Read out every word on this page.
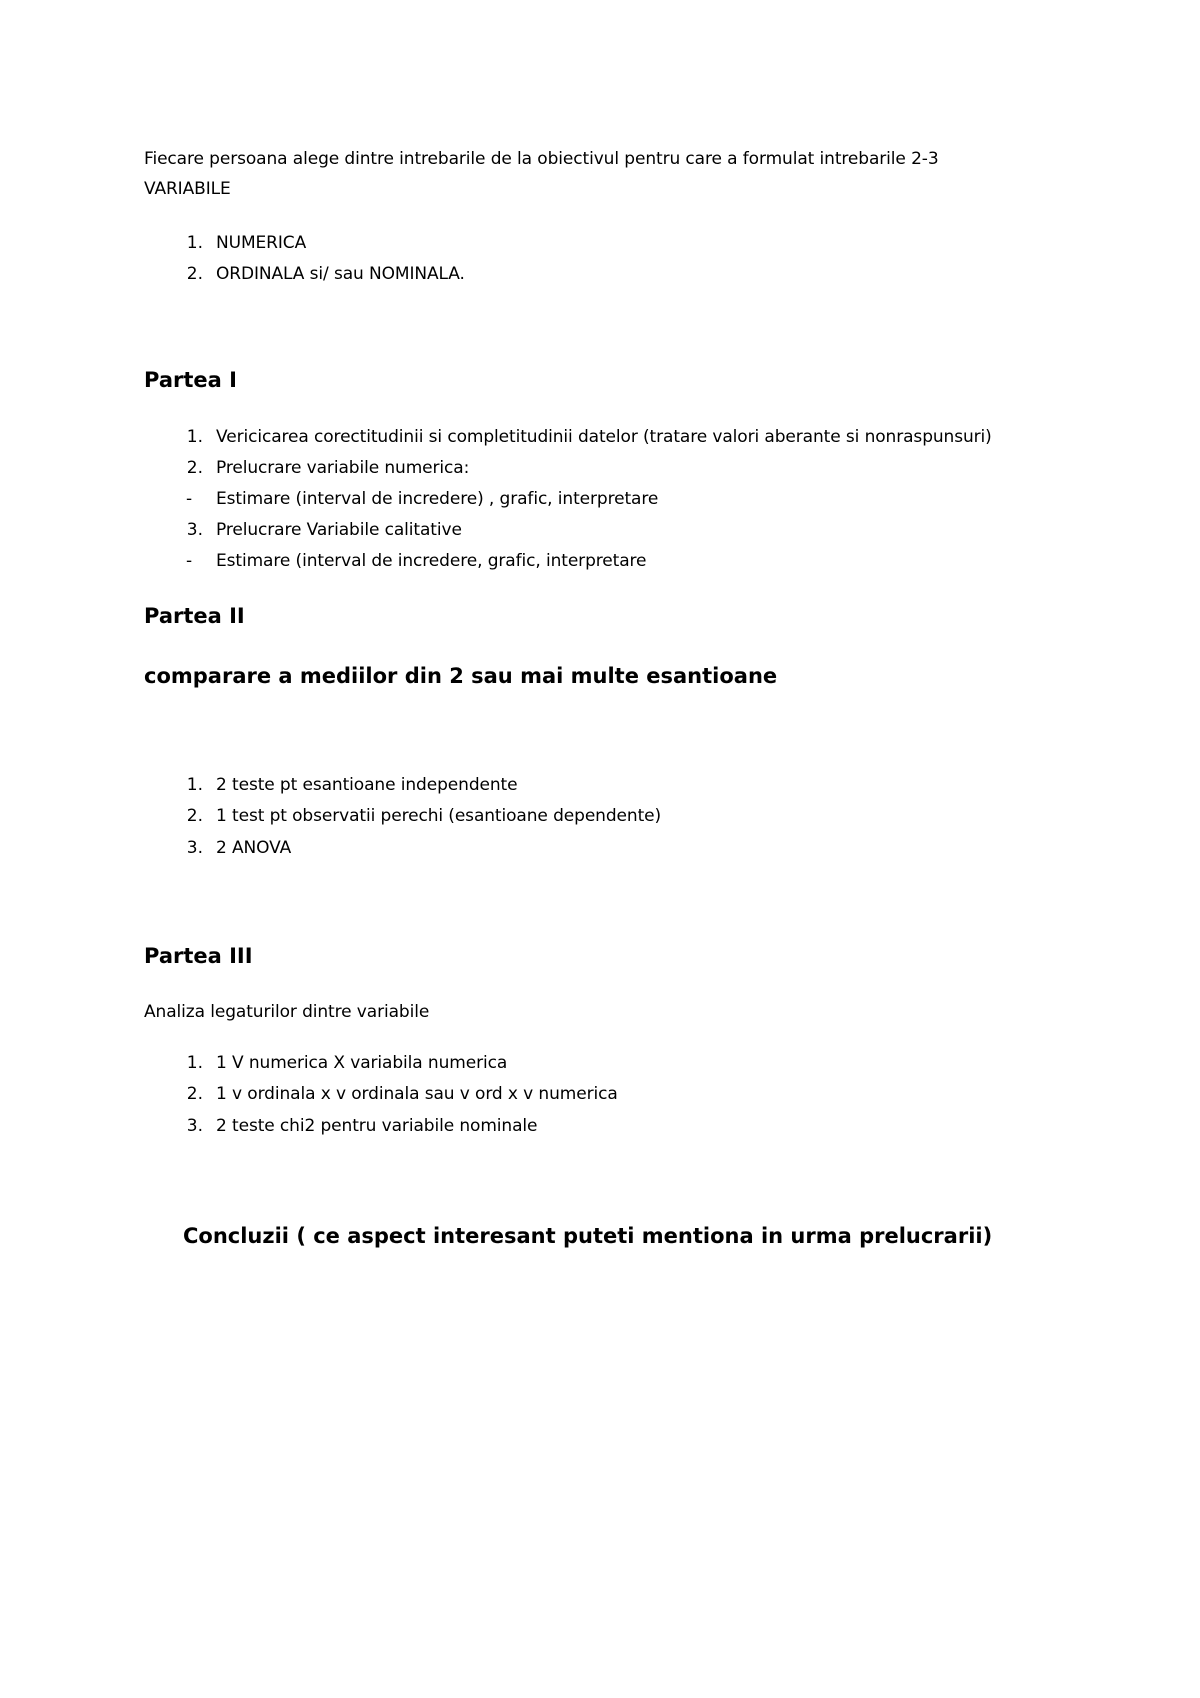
Fiecare persoana alege dintre intrebarile de la obiectivul pentru care a formulat intrebarile 2-3
VARIABILE
1. NUMERICA
2. ORDINALA si/ sau NOMINALA.
Partea I
1. Vericicarea corectitudinii si completitudinii datelor (tratare valori aberante si nonraspunsuri)
2. Prelucrare variabile numerica:
-	Estimare (interval de incredere) , grafic, interpretare
3. Prelucrare Variabile calitative
-	Estimare (interval de incredere, grafic, interpretare
Partea II
comparare a mediilor din 2 sau mai multe esantioane
1. 2 teste pt esantioane independente
2. 1 test pt observatii perechi (esantioane dependente)
3. 2 ANOVA
Partea III
Analiza legaturilor dintre variabile
1. 1 V numerica X variabila numerica
2. 1 v ordinala x v ordinala sau v ord x v numerica
3. 2 teste chi2 pentru variabile nominale
Concluzii ( ce aspect interesant puteti mentiona in urma prelucrarii)
